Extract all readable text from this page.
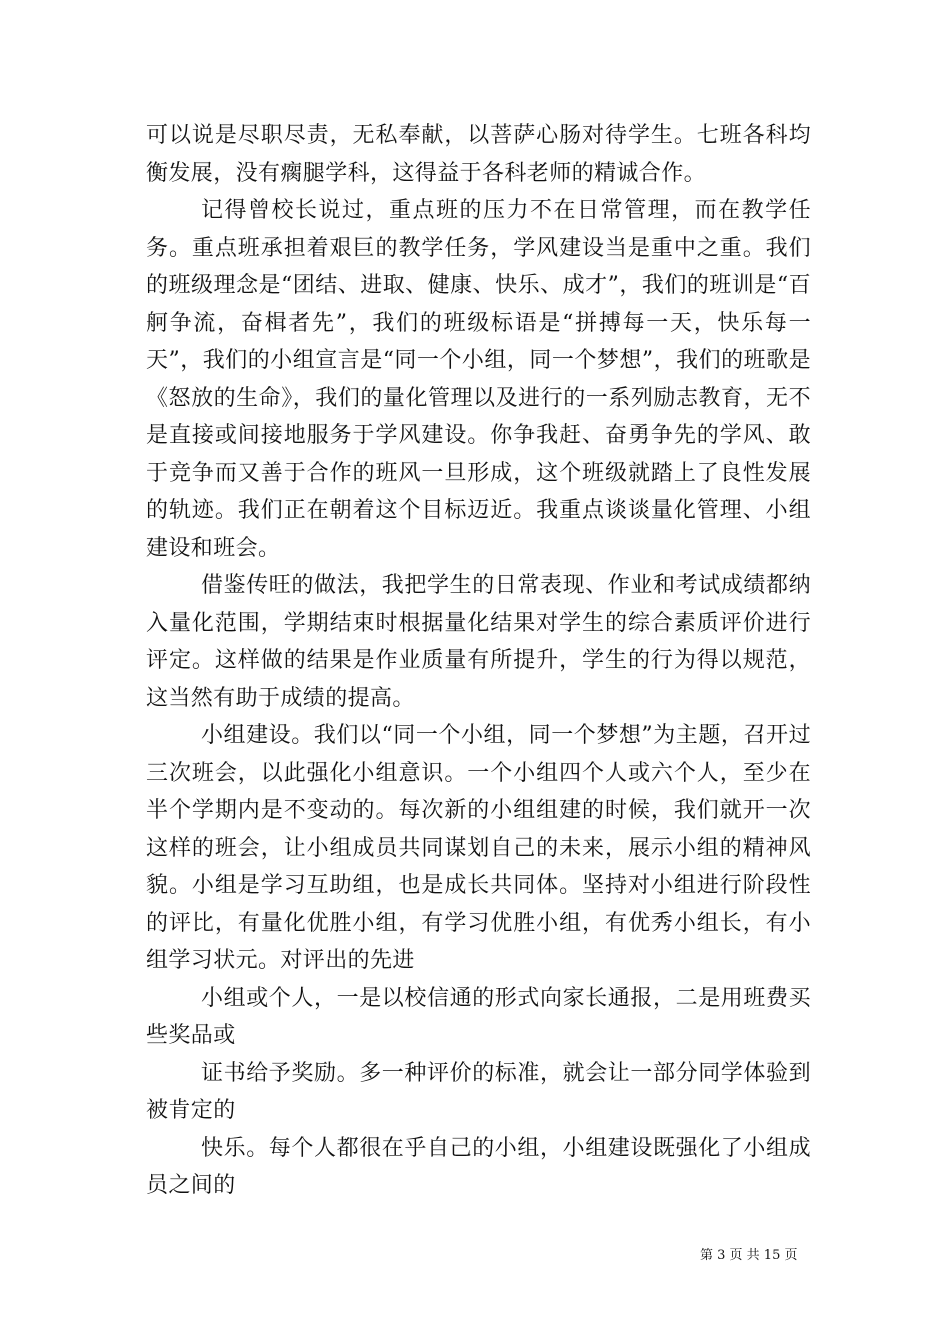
可以说是尽职尽责，无私奉献，以菩萨心肠对待学生。七班各科均衡发展，没有瘸腿学科，这得益于各科老师的精诚合作。

记得曾校长说过，重点班的压力不在日常管理，而在教学任务。重点班承担着艰巨的教学任务，学风建设当是重中之重。我们的班级理念是“团结、进取、健康、快乐、成才”，我们的班训是“百舸争流，奋楫者先”，我们的班级标语是“拼搏每一天，快乐每一天”，我们的小组宣言是“同一个小组，同一个梦想”，我们的班歌是《怒放的生命》，我们的量化管理以及进行的一系列励志教育，无不是直接或间接地服务于学风建设。你争我赶、奋勇争先的学风、敢于竞争而又善于合作的班风一旦形成，这个班级就踏上了良性发展的轨迹。我们正在朝着这个目标迈近。我重点谈谈量化管理、小组建设和班会。

借鉴传旺的做法，我把学生的日常表现、作业和考试成绩都纳入量化范围，学期结束时根据量化结果对学生的综合素质评价进行评定。这样做的结果是作业质量有所提升，学生的行为得以规范，这当然有助于成绩的提高。

小组建设。我们以“同一个小组，同一个梦想”为主题，召开过三次班会，以此强化小组意识。一个小组四个人或六个人，至少在半个学期内是不变动的。每次新的小组组建的时候，我们就开一次这样的班会，让小组成员共同谋划自己的未来，展示小组的精神风貌。小组是学习互助组，也是成长共同体。坚持对小组进行阶段性的评比，有量化优胜小组，有学习优胜小组，有优秀小组长，有小组学习状元。对评出的先进

小组或个人，一是以校信通的形式向家长通报，二是用班费买些奖品或

证书给予奖励。多一种评价的标准，就会让一部分同学体验到被肯定的

快乐。每个人都很在乎自己的小组，小组建设既强化了小组成员之间的

第 3 页 共 15 页
